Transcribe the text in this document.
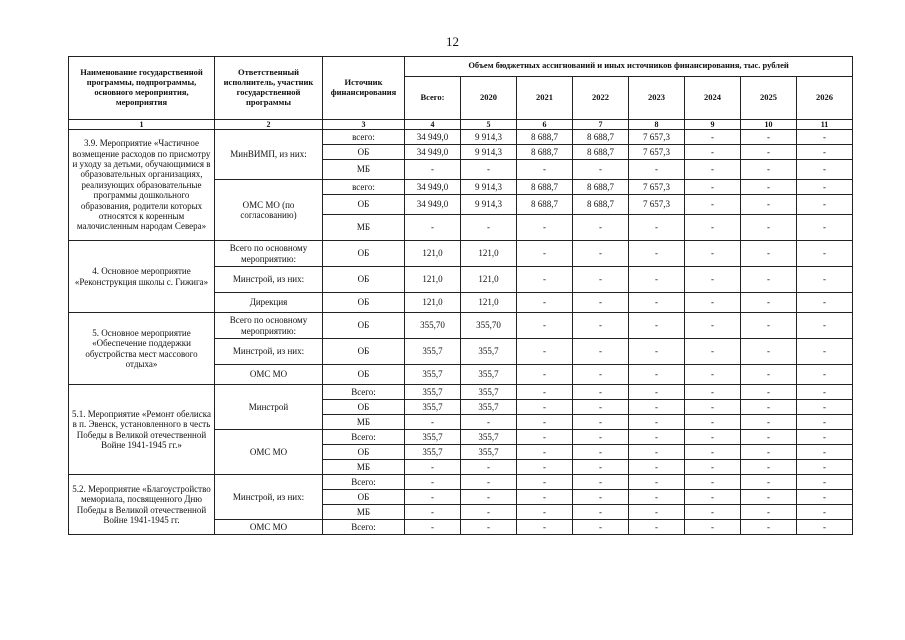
12
Наименование государственной программы, подпрограммы, основного мероприятия, мероприятия	Ответственный исполнитель, участник государственной программы	Источник финансирования	Объем бюджетных ассигнований и иных источников финансирования, тыс. рублей							
			Всего:	2020	2021	2022	2023	2024	2025	2026
1	2	3	4	5	6	7	8	9	10	11
3.9. Мероприятие «Частичное возмещение расходов по присмотру и уходу за детьми, обучающимися в образовательных организациях, реализующих образовательные программы дошкольного образования, родители которых относятся к коренным малочисленным народам Севера»	МинВИМП, из них:	всего:	34 949,0	9 914,3	8 688,7	8 688,7	7 657,3	-	-	-
		ОБ	34 949,0	9 914,3	8 688,7	8 688,7	7 657,3	-	-	-
		МБ	-	-	-	-	-	-	-	-
	ОМС МО (по согласованию)	всего:	34 949,0	9 914,3	8 688,7	8 688,7	7 657,3	-	-	-
		ОБ	34 949,0	9 914,3	8 688,7	8 688,7	7 657,3	-	-	-
		МБ	-	-	-	-	-	-	-	-
4. Основное мероприятие «Реконструкция школы с. Гижига»	Всего по основному мероприятию:	ОБ	121,0	121,0	-	-	-	-	-	-
	Минстрой, из них:	ОБ	121,0	121,0	-	-	-	-	-	-
	Дирекция	ОБ	121,0	121,0	-	-	-	-	-	-
5. Основное мероприятие «Обеспечение поддержки обустройства мест массового отдыха»	Всего по основному мероприятию:	ОБ	355,70	355,70	-	-	-	-	-	-
	Минстрой, из них:	ОБ	355,7	355,7	-	-	-	-	-	-
	ОМС МО	ОБ	355,7	355,7	-	-	-	-	-	-
5.1. Мероприятие «Ремонт обелиска в п. Эвенск, установленного в честь Победы в Великой отечественной Войне 1941-1945 гг.»	Минстрой	Всего:	355,7	355,7	-	-	-	-	-	-
		ОБ	355,7	355,7	-	-	-	-	-	-
		МБ	-	-	-	-	-	-	-	-
	ОМС МО	Всего:	355,7	355,7	-	-	-	-	-	-
		ОБ	355,7	355,7	-	-	-	-	-	-
		МБ	-	-	-	-	-	-	-	-
5.2. Мероприятие «Благоустройство мемориала, посвященного Дню Победы в Великой отечественной Войне 1941-1945 гг.	Минстрой, из них:	Всего:	-	-	-	-	-	-	-	-
		ОБ	-	-	-	-	-	-	-	-
		МБ	-	-	-	-	-	-	-	-
	ОМС МО	Всего:	-	-	-	-	-	-	-	-
